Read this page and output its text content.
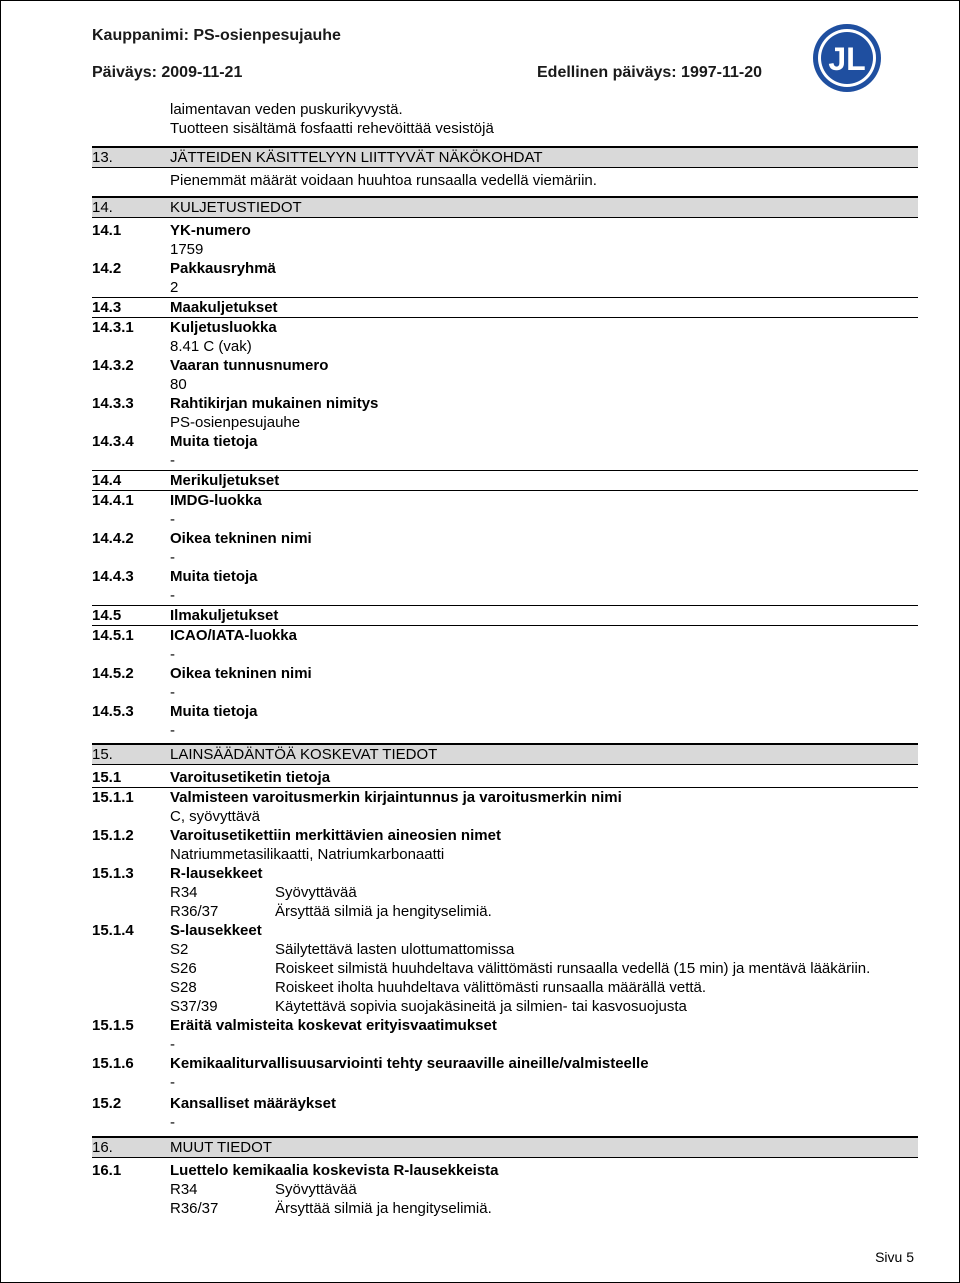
Kauppanimi: PS-osienpesujauhe
Päiväys: 2009-11-21	Edellinen päiväys: 1997-11-20 JL
laimentavan veden puskurikyvystä.
Tuotteen sisältämä fosfaatti rehevöittää vesistöjä
13.	JÄTTEIDEN KÄSITTELYYN LIITTYVÄT NÄKÖKOHDAT
Pienemmät määrät voidaan huuhtoa runsaalla vedellä viemäriin.
14.	KULJETUSTIEDOT
14.1	YK-numero
1759
14.2	Pakkausryhmä
2
14.3	Maakuljetukset
14.3.1 Kuljetusluokka
8.41 C (vak)
14.3.2 Vaaran tunnusnumero
80
14.3.3 Rahtikirjan mukainen nimitys
PS-osienpesujauhe
14.3.4 Muita tietoja
-
14.4	Merikuljetukset
14.4.1 IMDG-luokka
-
14.4.2 Oikea tekninen nimi
-
14.4.3 Muita tietoja
-
14.5	Ilmakuljetukset
14.5.1 ICAO/IATA-luokka
-
14.5.2 Oikea tekninen nimi
-
14.5.3 Muita tietoja
-
15.	LAINSÄÄDÄNTÖÄ KOSKEVAT TIEDOT
15.1	Varoitusetiketin tietoja
15.1.1 Valmisteen varoitusmerkin kirjaintunnus ja varoitusmerkin nimi
C, syövyttävä
15.1.2 Varoitusetikettiin merkittävien aineosien nimet
Natriummetasilikaatti, Natriumkarbonaatti
15.1.3 R-lausekkeet
R34	Syövyttävää
R36/37	Ärsyttää silmiä ja hengityselimiä.
15.1.4 S-lausekkeet
S2	Säilytettävä lasten ulottumattomissa
S26	Roiskeet silmistä huuhdeltava välittömästi runsaalla vedellä (15 min) ja mentävä lääkäriin.
S28	Roiskeet iholta huuhdeltava välittömästi runsaalla määrällä vettä.
S37/39	Käytettävä sopivia suojakäsineitä ja silmien- tai kasvosuojusta
15.1.5 Eräitä valmisteita koskevat erityisvaatimukset
-
15.1.6 Kemikaaliturvallisuusarviointi tehty seuraaville aineille/valmisteelle
-
15.2	Kansalliset määräykset
-
16.	MUUT TIEDOT
16.1	Luettelo kemikaalia koskevista R-lausekkeista
R34	Syövyttävää
R36/37	Ärsyttää silmiä ja hengityselimiä.
Sivu 5
